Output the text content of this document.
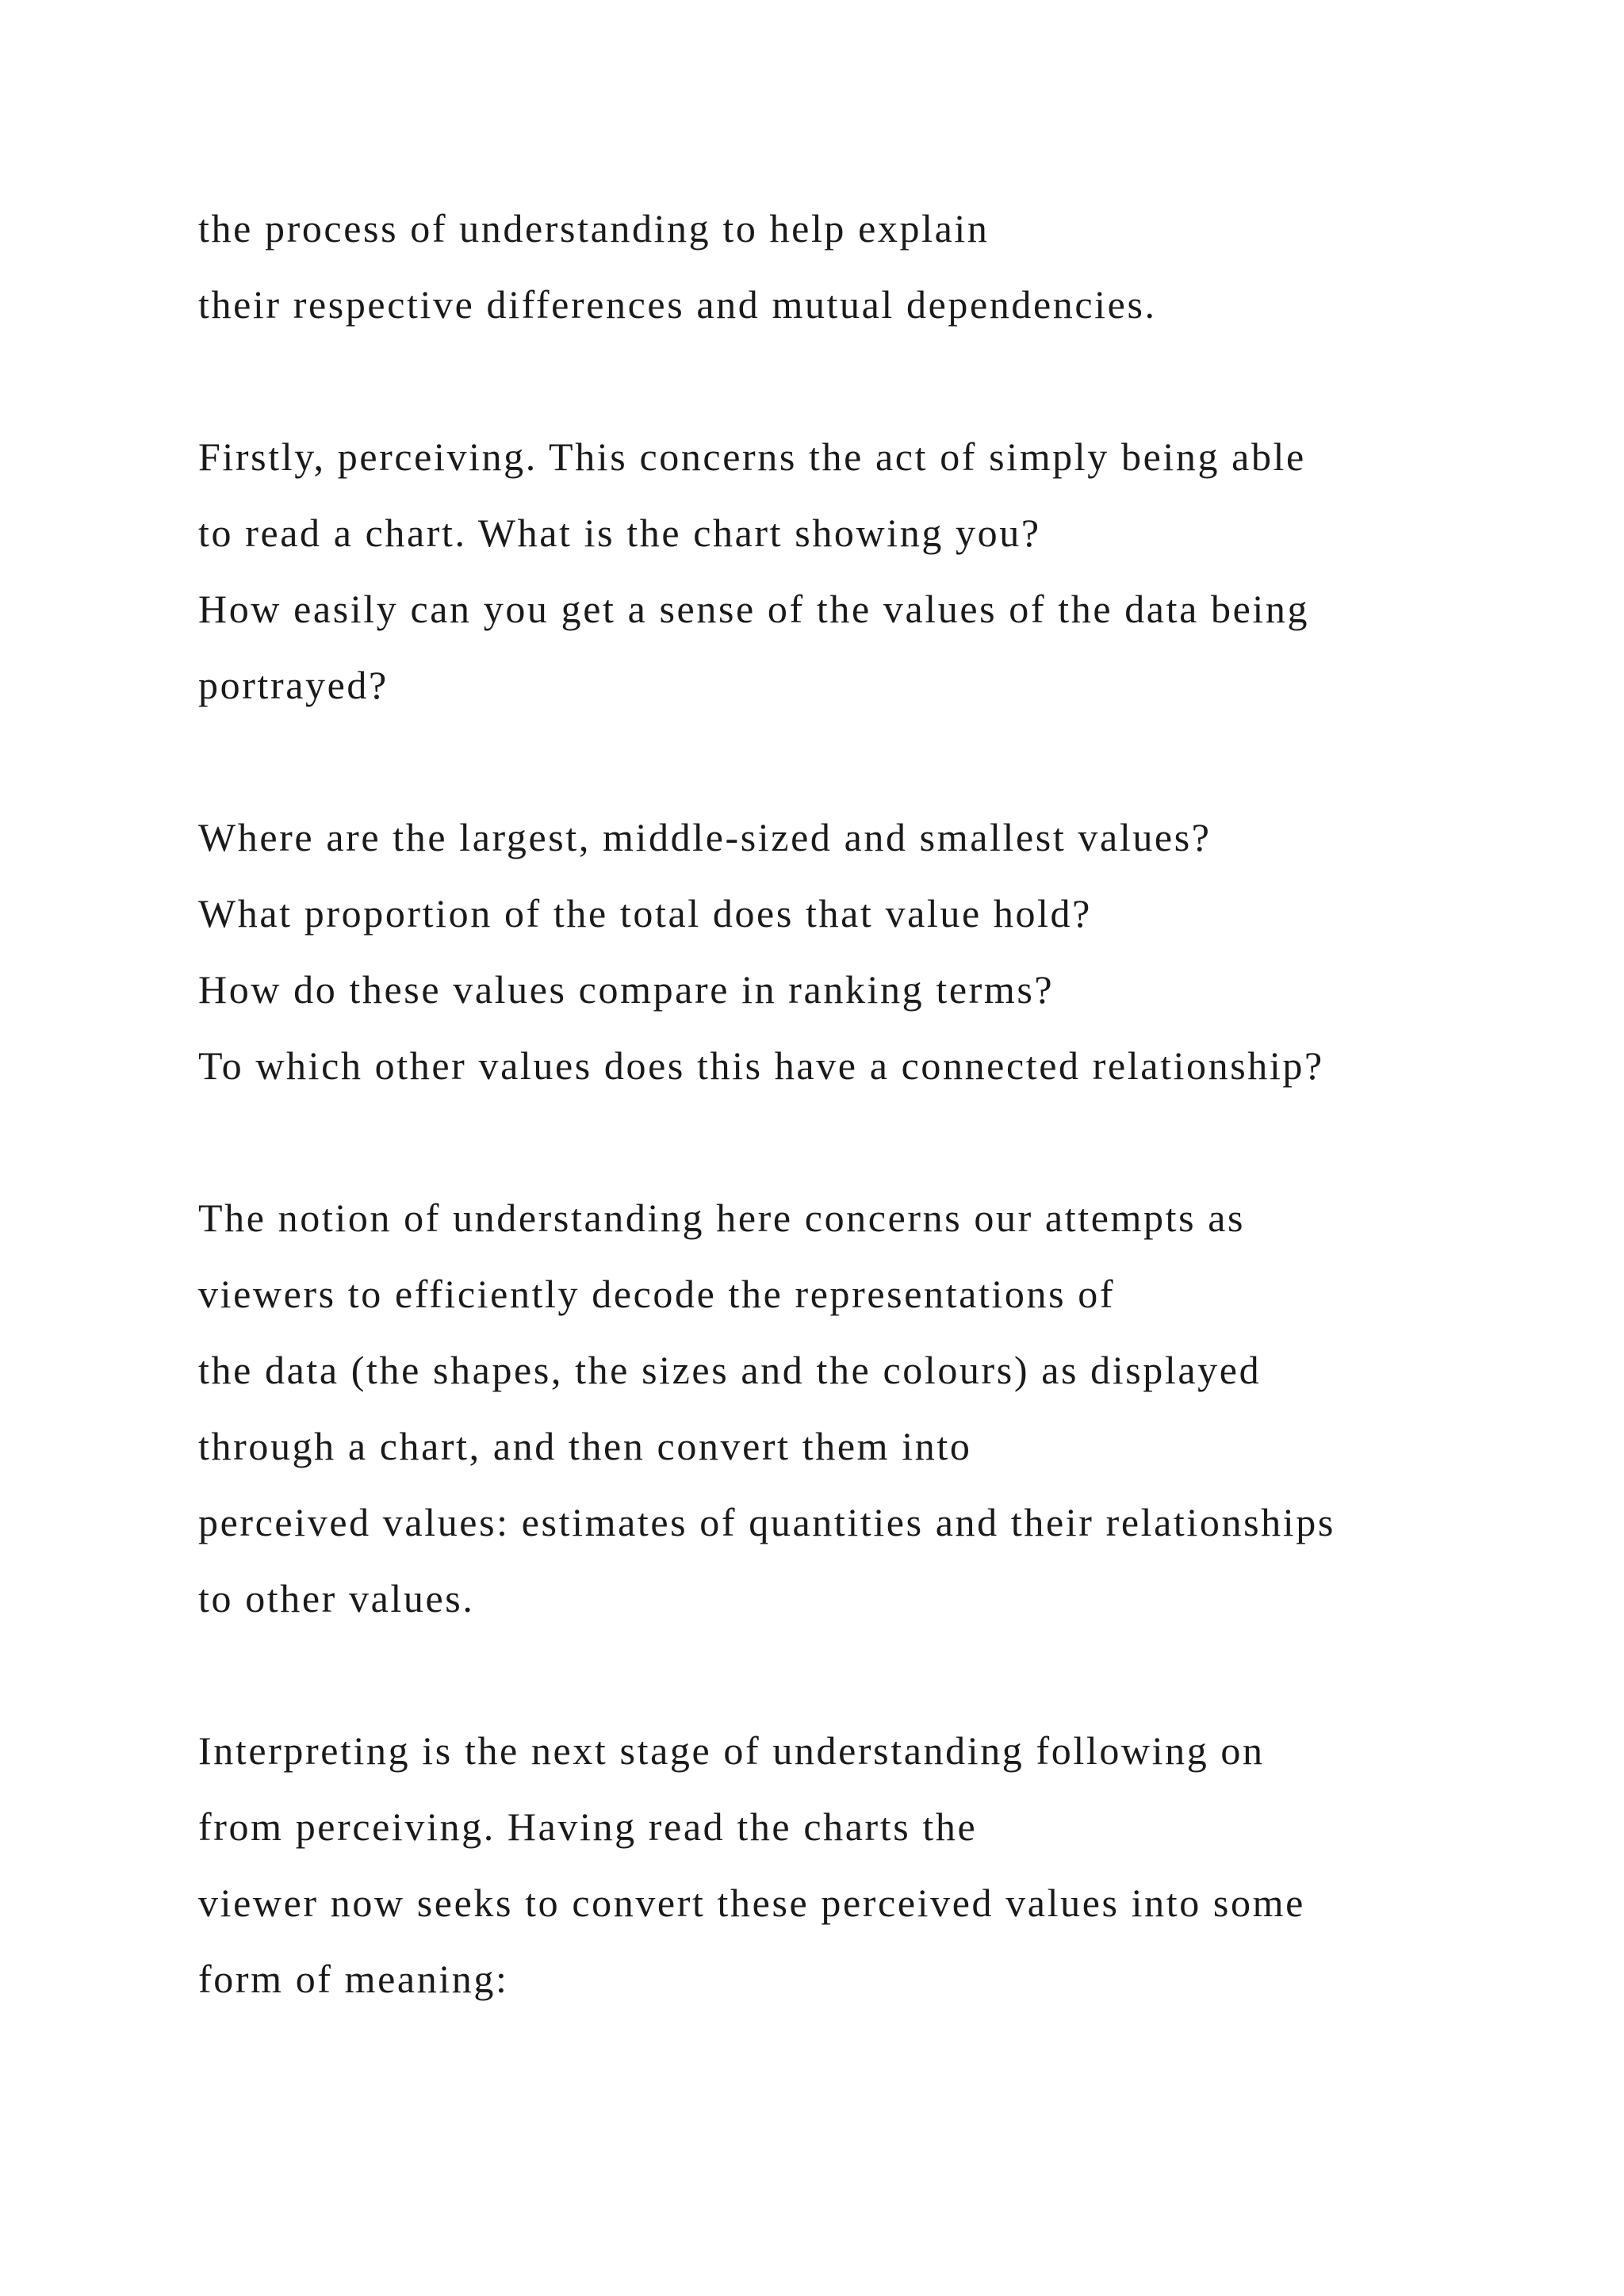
the process of understanding to help explain
their respective differences and mutual dependencies.
Firstly, perceiving. This concerns the act of simply being able
to read a chart. What is the chart showing you?
How easily can you get a sense of the values of the data being
portrayed?
Where are the largest, middle-sized and smallest values?
What proportion of the total does that value hold?
How do these values compare in ranking terms?
To which other values does this have a connected relationship?
The notion of understanding here concerns our attempts as
viewers to efficiently decode the representations of
the data (the shapes, the sizes and the colours) as displayed
through a chart, and then convert them into
perceived values: estimates of quantities and their relationships
to other values.
Interpreting is the next stage of understanding following on
from perceiving. Having read the charts the
viewer now seeks to convert these perceived values into some
form of meaning:
